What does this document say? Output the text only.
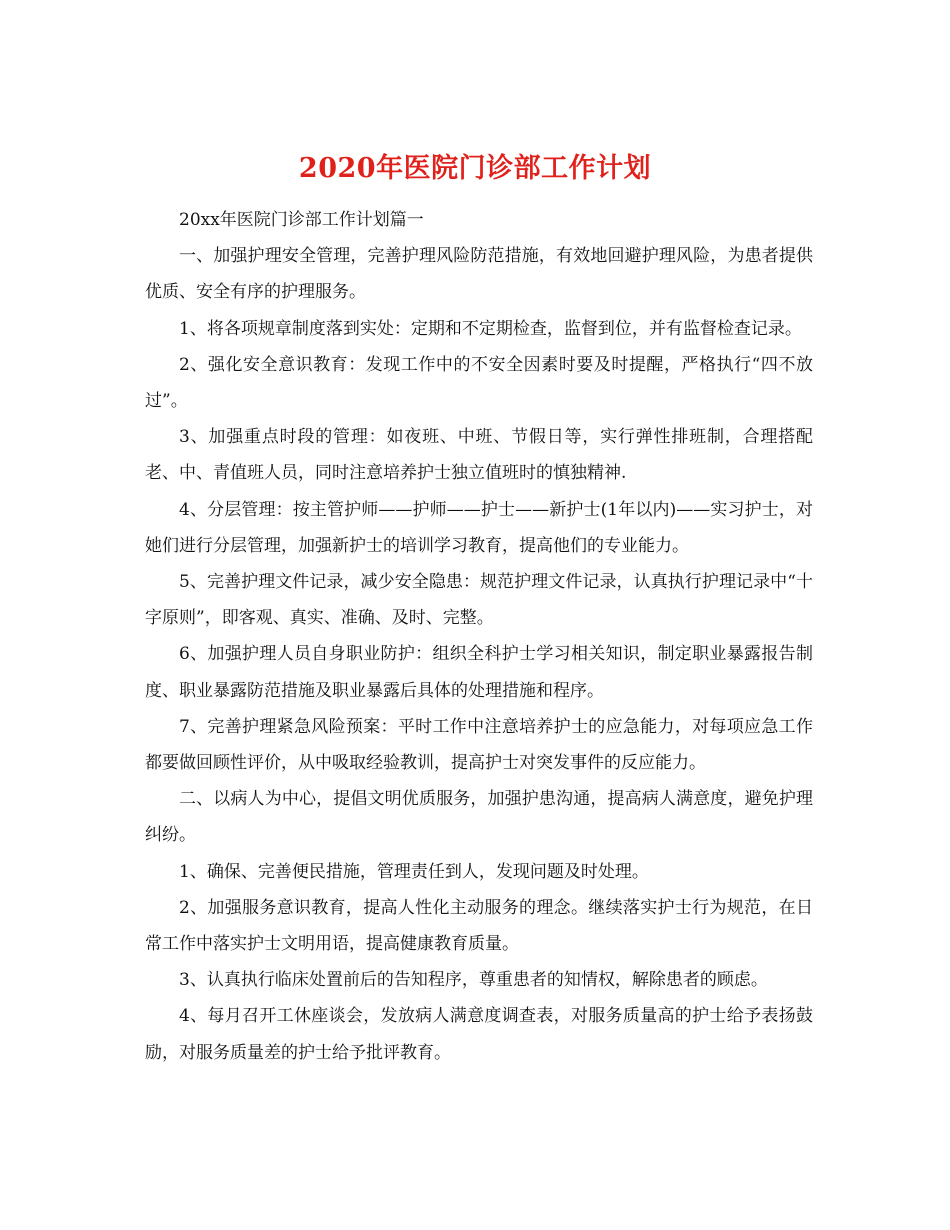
2020年医院门诊部工作计划

20xx年医院门诊部工作计划篇一

一、加强护理安全管理，完善护理风险防范措施，有效地回避护理风险，为患者提供优质、安全有序的护理服务。

1、将各项规章制度落到实处：定期和不定期检查，监督到位，并有监督检查记录。

2、强化安全意识教育：发现工作中的不安全因素时要及时提醒，严格执行“四不放过”。

3、加强重点时段的管理：如夜班、中班、节假日等，实行弹性排班制，合理搭配老、中、青值班人员，同时注意培养护士独立值班时的慎独精神.

4、分层管理：按主管护师——护师——护士——新护士(1年以内)——实习护士，对她们进行分层管理，加强新护士的培训学习教育，提高他们的专业能力。

5、完善护理文件记录，减少安全隐患：规范护理文件记录，认真执行护理记录中“十字原则”，即客观、真实、准确、及时、完整。

6、加强护理人员自身职业防护：组织全科护士学习相关知识，制定职业暴露报告制度、职业暴露防范措施及职业暴露后具体的处理措施和程序。

7、完善护理紧急风险预案：平时工作中注意培养护士的应急能力，对每项应急工作都要做回顾性评价，从中吸取经验教训，提高护士对突发事件的反应能力。

二、以病人为中心，提倡文明优质服务，加强护患沟通，提高病人满意度，避免护理纠纷。

1、确保、完善便民措施，管理责任到人，发现问题及时处理。

2、加强服务意识教育，提高人性化主动服务的理念。继续落实护士行为规范，在日常工作中落实护士文明用语，提高健康教育质量。

3、认真执行临床处置前后的告知程序，尊重患者的知情权，解除患者的顾虑。

4、每月召开工休座谈会，发放病人满意度调查表，对服务质量高的护士给予表扬鼓励，对服务质量差的护士给予批评教育。
